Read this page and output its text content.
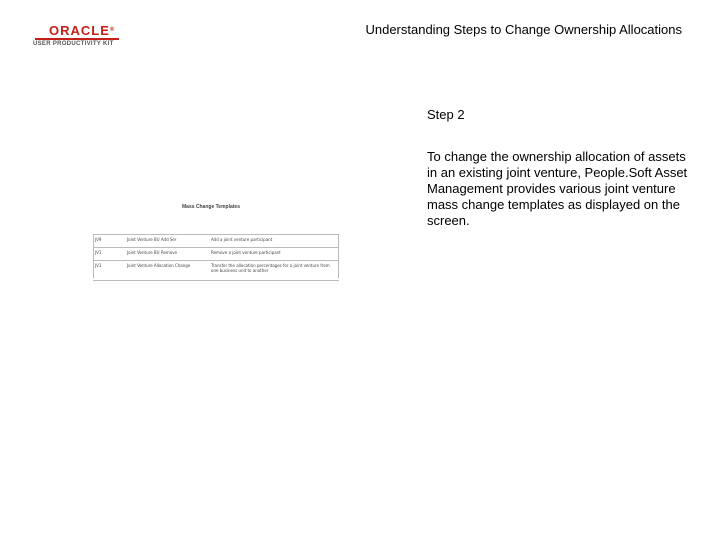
ORACLE®
USER PRODUCTIVITY KIT
Understanding Steps to Change Ownership Allocations
Step 2
To change the ownership allocation of assets in an existing joint venture, People.Soft Asset Management provides various joint venture mass change templates as displayed on the screen.
Mass Change Templates
JV9	Joint Venture BU Add Ser	Add a joint venture participant
JV1	Joint Venture BU Remove	Remove a joint venture participant
JV1	Joint Venture Allocation Change	Transfer the allocation percentages for a joint venture from one business unit to another
